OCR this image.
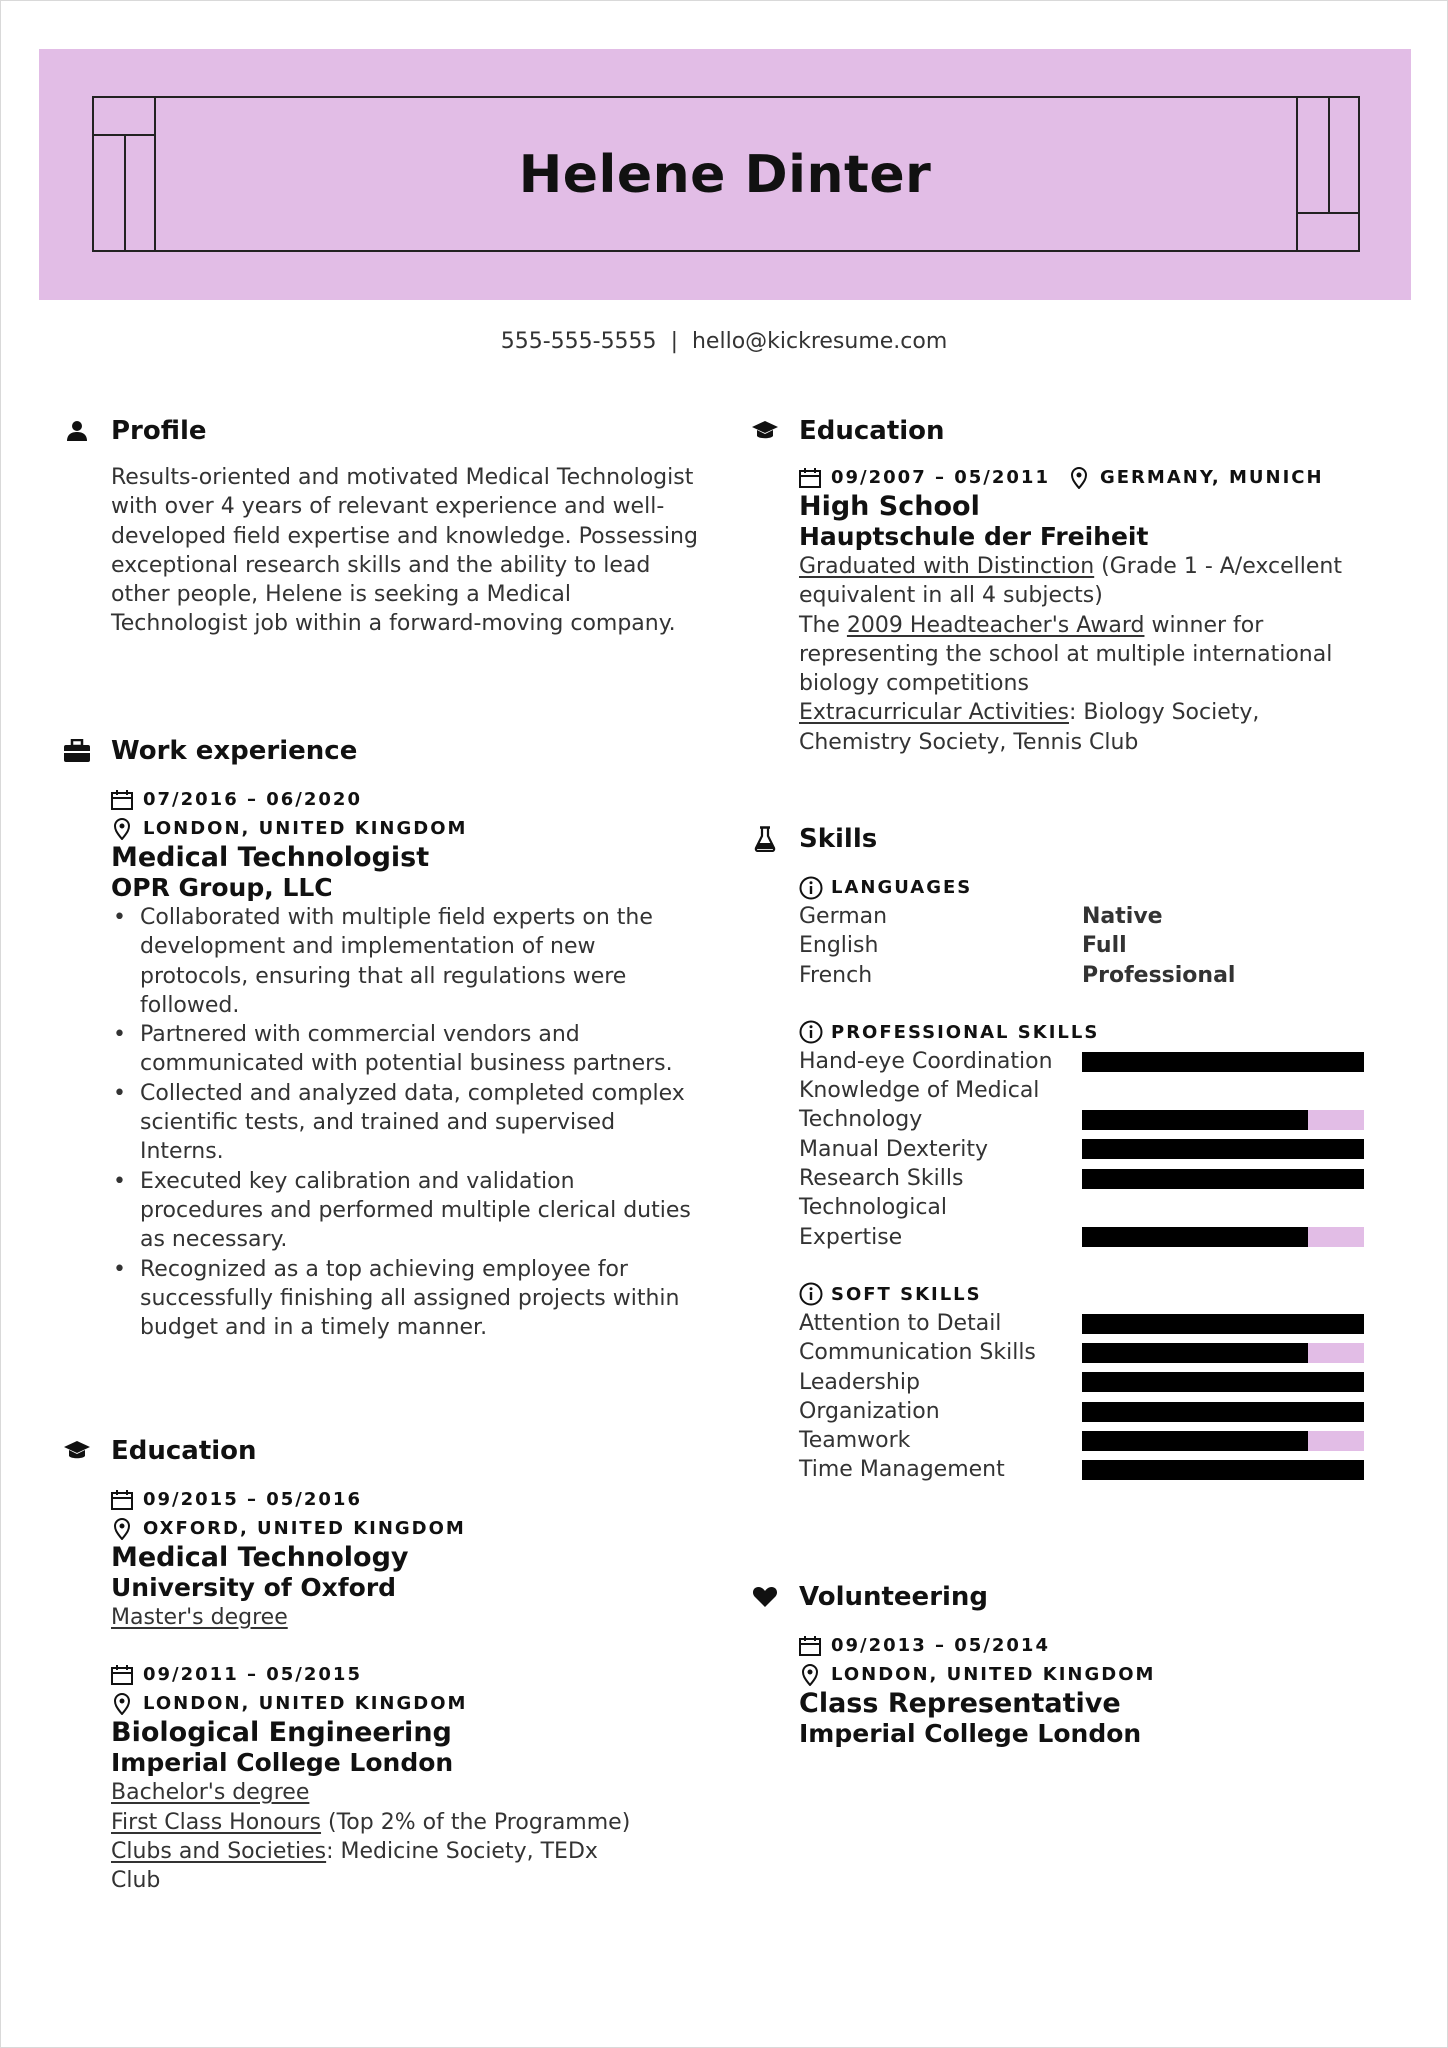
Helene Dinter
555-555-5555 | hello@kickresume.com
Profile
Results-oriented and motivated Medical Technologist with over 4 years of relevant experience and well-developed field expertise and knowledge. Possessing exceptional research skills and the ability to lead other people, Helene is seeking a Medical Technologist job within a forward-moving company.
Work experience
07/2016 – 06/2020
LONDON, UNITED KINGDOM
Medical Technologist
OPR Group, LLC
• Collaborated with multiple field experts on the development and implementation of new protocols, ensuring that all regulations were followed.
• Partnered with commercial vendors and communicated with potential business partners.
• Collected and analyzed data, completed complex scientific tests, and trained and supervised Interns.
• Executed key calibration and validation procedures and performed multiple clerical duties as necessary.
• Recognized as a top achieving employee for successfully finishing all assigned projects within budget and in a timely manner.
Education
09/2015 – 05/2016
OXFORD, UNITED KINGDOM
Medical Technology
University of Oxford
Master's degree
09/2011 – 05/2015
LONDON, UNITED KINGDOM
Biological Engineering
Imperial College London
Bachelor's degree
First Class Honours (Top 2% of the Programme)
Clubs and Societies: Medicine Society, TEDx Club
Education
09/2007 – 05/2011	GERMANY, MUNICH
High School
Hauptschule der Freiheit
Graduated with Distinction (Grade 1 - A/excellent equivalent in all 4 subjects)
The 2009 Headteacher's Award winner for representing the school at multiple international biology competitions
Extracurricular Activities: Biology Society, Chemistry Society, Tennis Club
Skills
LANGUAGES
German	Native
English	Full
French	Professional
PROFESSIONAL SKILLS
Hand-eye Coordination
Knowledge of Medical Technology
Manual Dexterity
Research Skills
Technological Expertise
SOFT SKILLS
Attention to Detail
Communication Skills
Leadership
Organization
Teamwork
Time Management
Volunteering
09/2013 – 05/2014
LONDON, UNITED KINGDOM
Class Representative
Imperial College London
